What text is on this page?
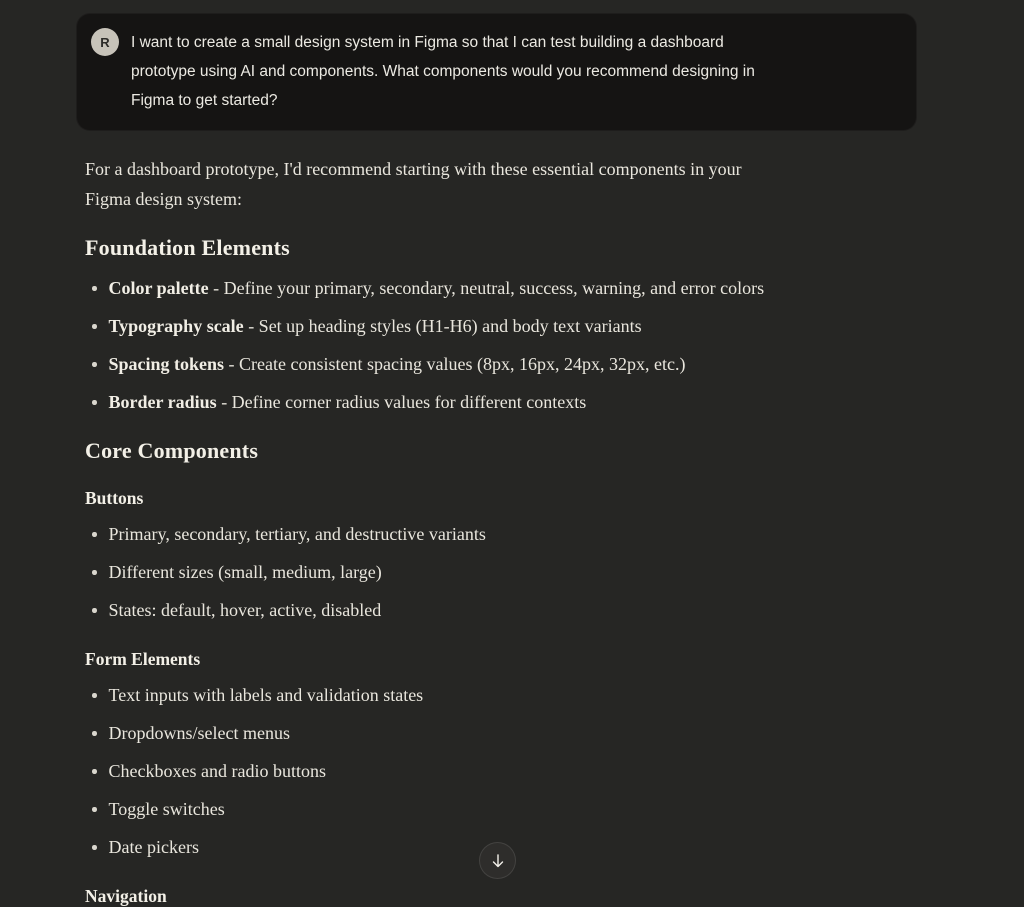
R I want to create a small design system in Figma so that I can test building a dashboard
prototype using AI and components. What components would you recommend designing in
Figma to get started?
For a dashboard prototype, I'd recommend starting with these essential components in your
Figma design system:
Foundation Elements
Color palette - Define your primary, secondary, neutral, success, warning, and error colors
Typography scale - Set up heading styles (H1-H6) and body text variants
Spacing tokens - Create consistent spacing values (8px, 16px, 24px, 32px, etc.)
Border radius - Define corner radius values for different contexts
Core Components
Buttons
Primary, secondary, tertiary, and destructive variants
Different sizes (small, medium, large)
States: default, hover, active, disabled
Form Elements
Text inputs with labels and validation states
Dropdowns/select menus
Checkboxes and radio buttons
Toggle switches
Date pickers
Navigation
